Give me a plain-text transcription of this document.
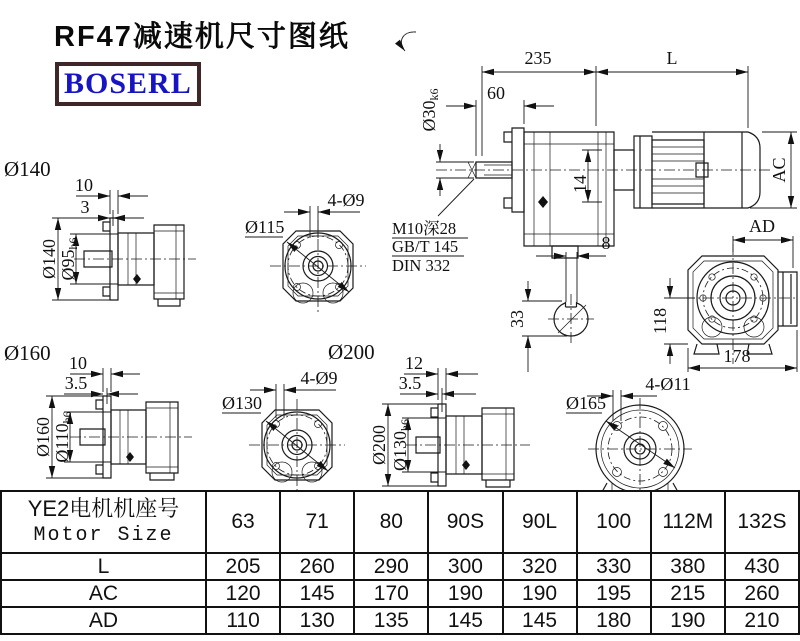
235	L
60
Ø30k6
14
AC
AD
M10深28
GB/T 145
DIN 332
8
33	118
178
Ø140
Ø140 Ø95h6
10
3	4-Ø9
Ø115
Ø160
Ø160 Ø110h6
10
3.5	4-Ø9
Ø130
Ø200
Ø200 Ø130h6
12
3.5	4-Ø11
Ø165
RF47减速机尺寸图纸
BOSERL
YE2电机机座号
Motor Size	63	71	80	90S	90L	100	112M	132S
L	205	260	290	300	320	330	380	430
AC	120	145	170	190	190	195	215	260
AD	110	130	135	145	145	180	190	210
